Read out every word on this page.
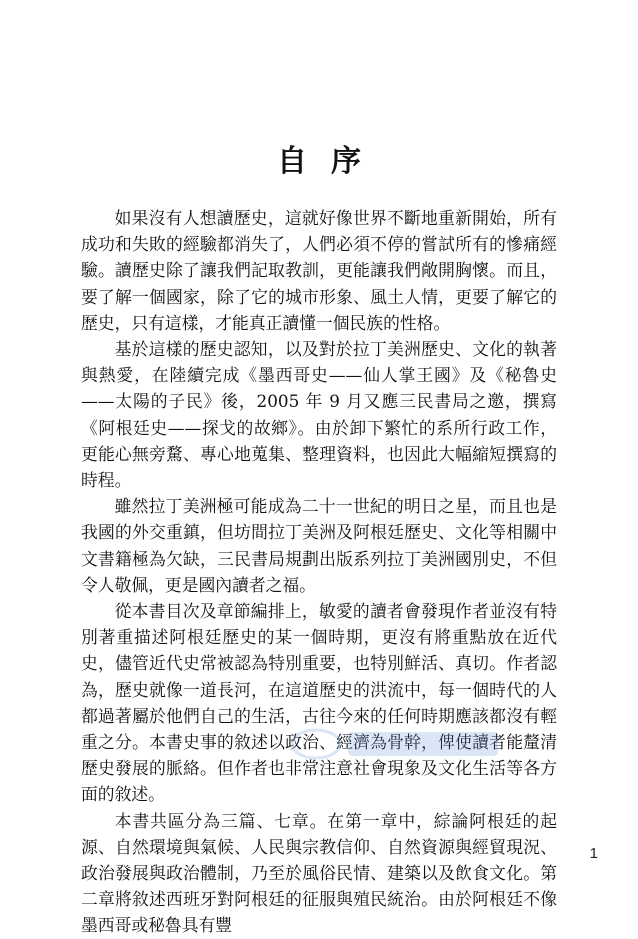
自序

如果沒有人想讀歷史，這就好像世界不斷地重新開始，所有成功和失敗的經驗都消失了，人們必須不停的嘗試所有的慘痛經驗。讀歷史除了讓我們記取教訓，更能讓我們敞開胸懷。而且，要了解一個國家，除了它的城市形象、風土人情，更要了解它的歷史，只有這樣，才能真正讀懂一個民族的性格。

基於這樣的歷史認知，以及對於拉丁美洲歷史、文化的執著與熱愛，在陸續完成《墨西哥史——仙人掌王國》及《秘魯史——太陽的子民》後，2005 年 9 月又應三民書局之邀，撰寫《阿根廷史——探戈的故鄉》。由於卸下繁忙的系所行政工作，更能心無旁騖、專心地蒐集、整理資料，也因此大幅縮短撰寫的時程。

雖然拉丁美洲極可能成為二十一世紀的明日之星，而且也是我國的外交重鎮，但坊間拉丁美洲及阿根廷歷史、文化等相關中文書籍極為欠缺，三民書局規劃出版系列拉丁美洲國別史，不但令人敬佩，更是國內讀者之福。

從本書目次及章節編排上，敏愛的讀者會發現作者並沒有特別著重描述阿根廷歷史的某一個時期，更沒有將重點放在近代史，儘管近代史常被認為特別重要，也特別鮮活、真切。作者認為，歷史就像一道長河，在這道歷史的洪流中，每一個時代的人都過著屬於他們自己的生活，古往今來的任何時期應該都沒有輕重之分。本書史事的敘述以政治、經濟為骨幹，俾使讀者能釐清歷史發展的脈絡。但作者也非常注意社會現象及文化生活等各方面的敘述。

本書共區分為三篇、七章。在第一章中，綜論阿根廷的起源、自然環境與氣候、人民與宗教信仰、自然資源與經貿現況、政治發展與政治體制，乃至於風俗民情、建築以及飲食文化。第二章將敘述西班牙對阿根廷的征服與殖民統治。由於阿根廷不像墨西哥或秘魯具有豐

1
